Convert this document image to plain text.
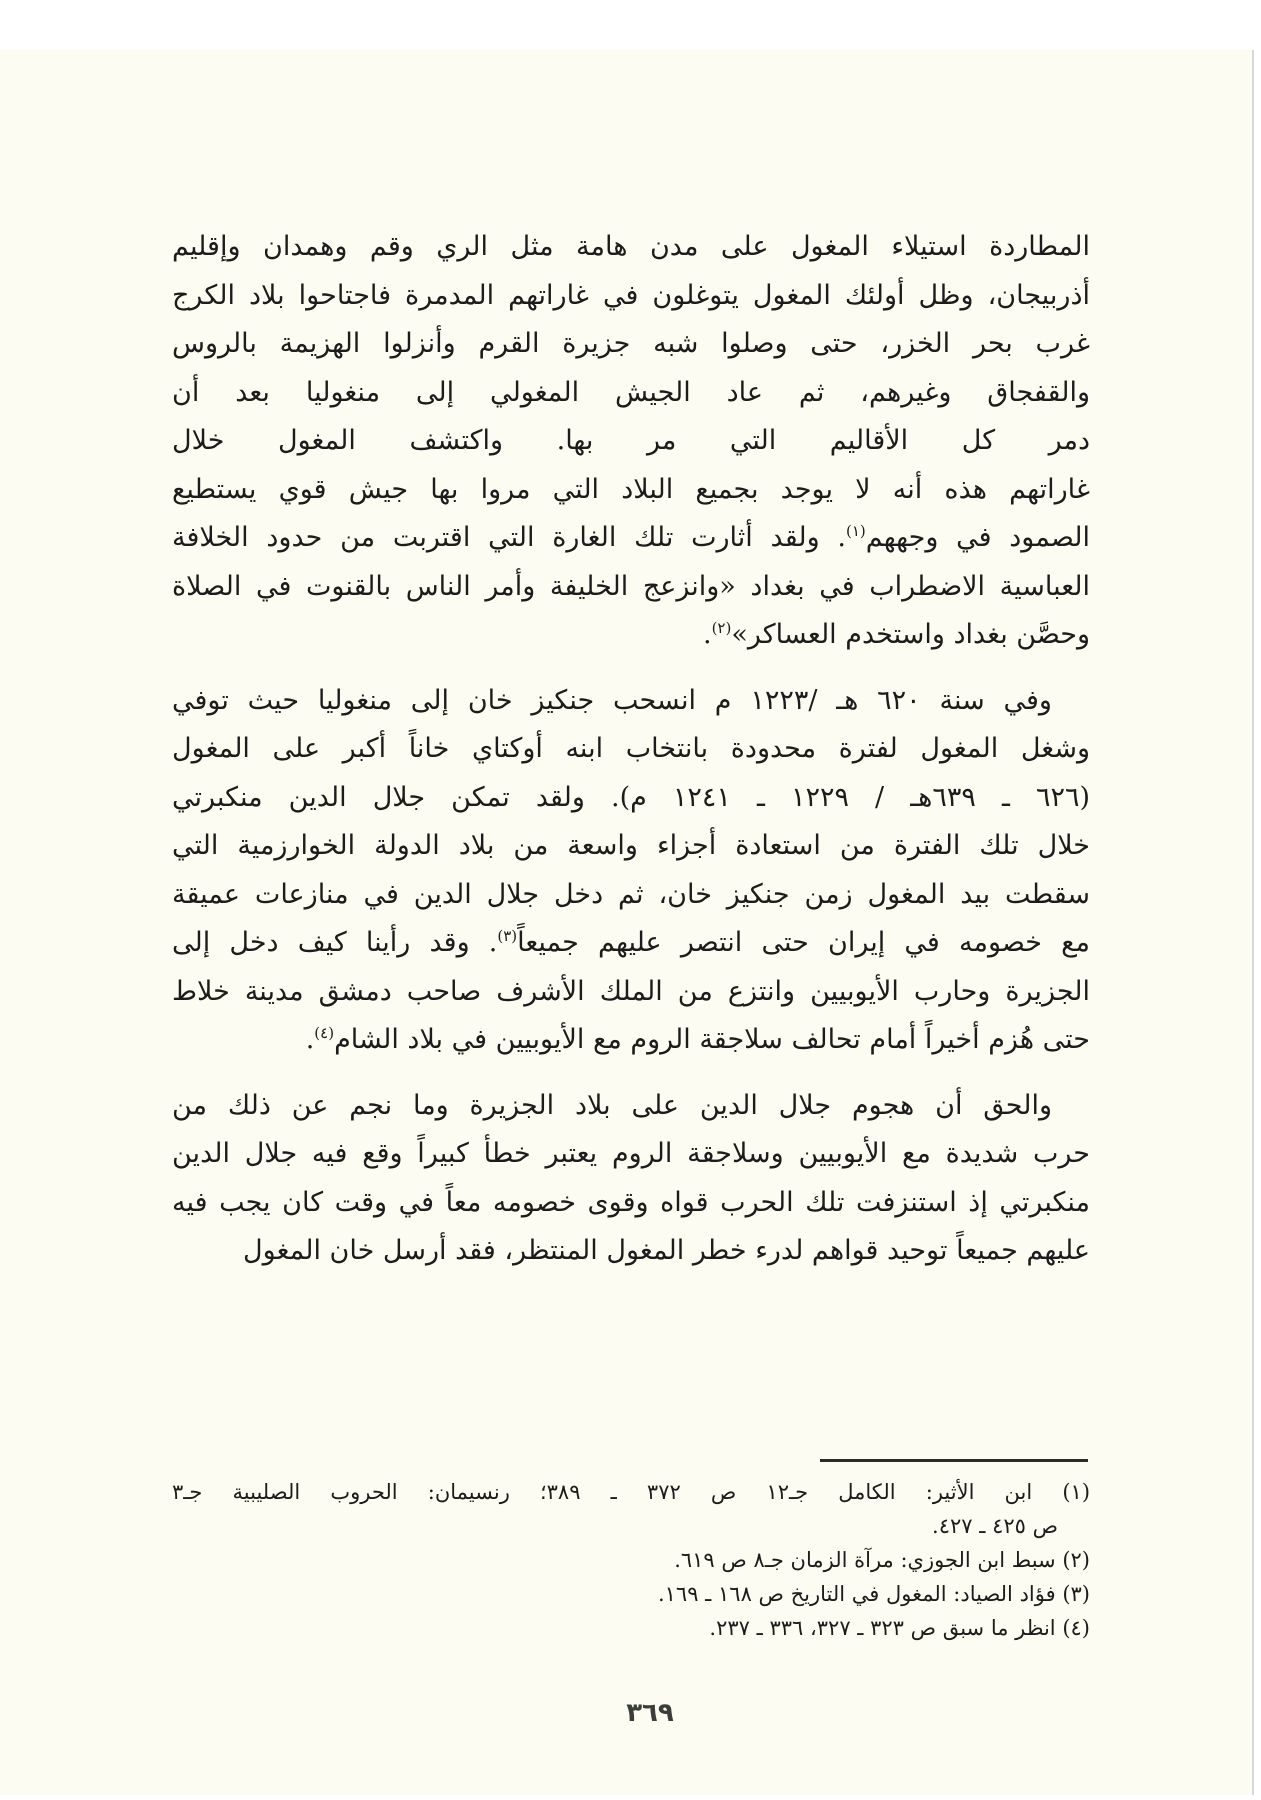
المطاردة استيلاء المغول على مدن هامة مثل الري وقم وهمدان وإقليم
أذربيجان، وظل أولئك المغول يتوغلون في غاراتهم المدمرة فاجتاحوا بلاد الكرج
غرب بحر الخزر، حتى وصلوا شبه جزيرة القرم وأنزلوا الهزيمة بالروس
والقفجاق وغيرهم، ثم عاد الجيش المغولي إلى منغوليا بعد أن
دمر كل الأقاليم التي مر بها. واكتشف المغول خلال
غاراتهم هذه أنه لا يوجد بجميع البلاد التي مروا بها جيش قوي يستطيع
الصمود في وجههم$^{(١)}$. ولقد أثارت تلك الغارة التي اقتربت من حدود الخلافة
العباسية الاضطراب في بغداد «وانزعج الخليفة وأمر الناس بالقنوت في الصلاة
وحصَّن بغداد واستخدم العساكر»$^{(٢)}$.

وفي سنة ٦٢٠ هـ /١٢٢٣ م انسحب جنكيز خان إلى منغوليا حيث توفي
وشغل المغول لفترة محدودة بانتخاب ابنه أوكتاي خاناً أكبر على المغول
(٦٢٦ ـ ٦٣٩هـ / ١٢٢٩ ـ ١٢٤١ م). ولقد تمكن جلال الدين منكبرتي
خلال تلك الفترة من استعادة أجزاء واسعة من بلاد الدولة الخوارزمية التي
سقطت بيد المغول زمن جنكيز خان، ثم دخل جلال الدين في منازعات عميقة
مع خصومه في إيران حتى انتصر عليهم جميعاً$^{(٣)}$. وقد رأينا كيف دخل إلى
الجزيرة وحارب الأيوبيين وانتزع من الملك الأشرف صاحب دمشق مدينة خلاط
حتى هُزم أخيراً أمام تحالف سلاجقة الروم مع الأيوبيين في بلاد الشام$^{(٤)}$.

والحق أن هجوم جلال الدين على بلاد الجزيرة وما نجم عن ذلك من
حرب شديدة مع الأيوبيين وسلاجقة الروم يعتبر خطأ كبيراً وقع فيه جلال الدين
منكبرتي إذ استنزفت تلك الحرب قواه وقوى خصومه معاً في وقت كان يجب فيه
عليهم جميعاً توحيد قواهم لدرء خطر المغول المنتظر، فقد أرسل خان المغول

(١) ابن الأثير: الكامل جـ١٢ ص ٣٧٢ ـ ٣٨٩؛ رنسيمان: الحروب الصليبية جـ٣
ص ٤٢٥ ـ ٤٢٧.

(٢) سبط ابن الجوزي: مرآة الزمان جـ٨ ص ٦١٩.

(٣) فؤاد الصياد: المغول في التاريخ ص ١٦٨ ـ ١٦٩.

(٤) انظر ما سبق ص ٣٢٣ ـ ٣٢٧، ٣٣٦ ـ ٢٣٧.

٣٦٩
